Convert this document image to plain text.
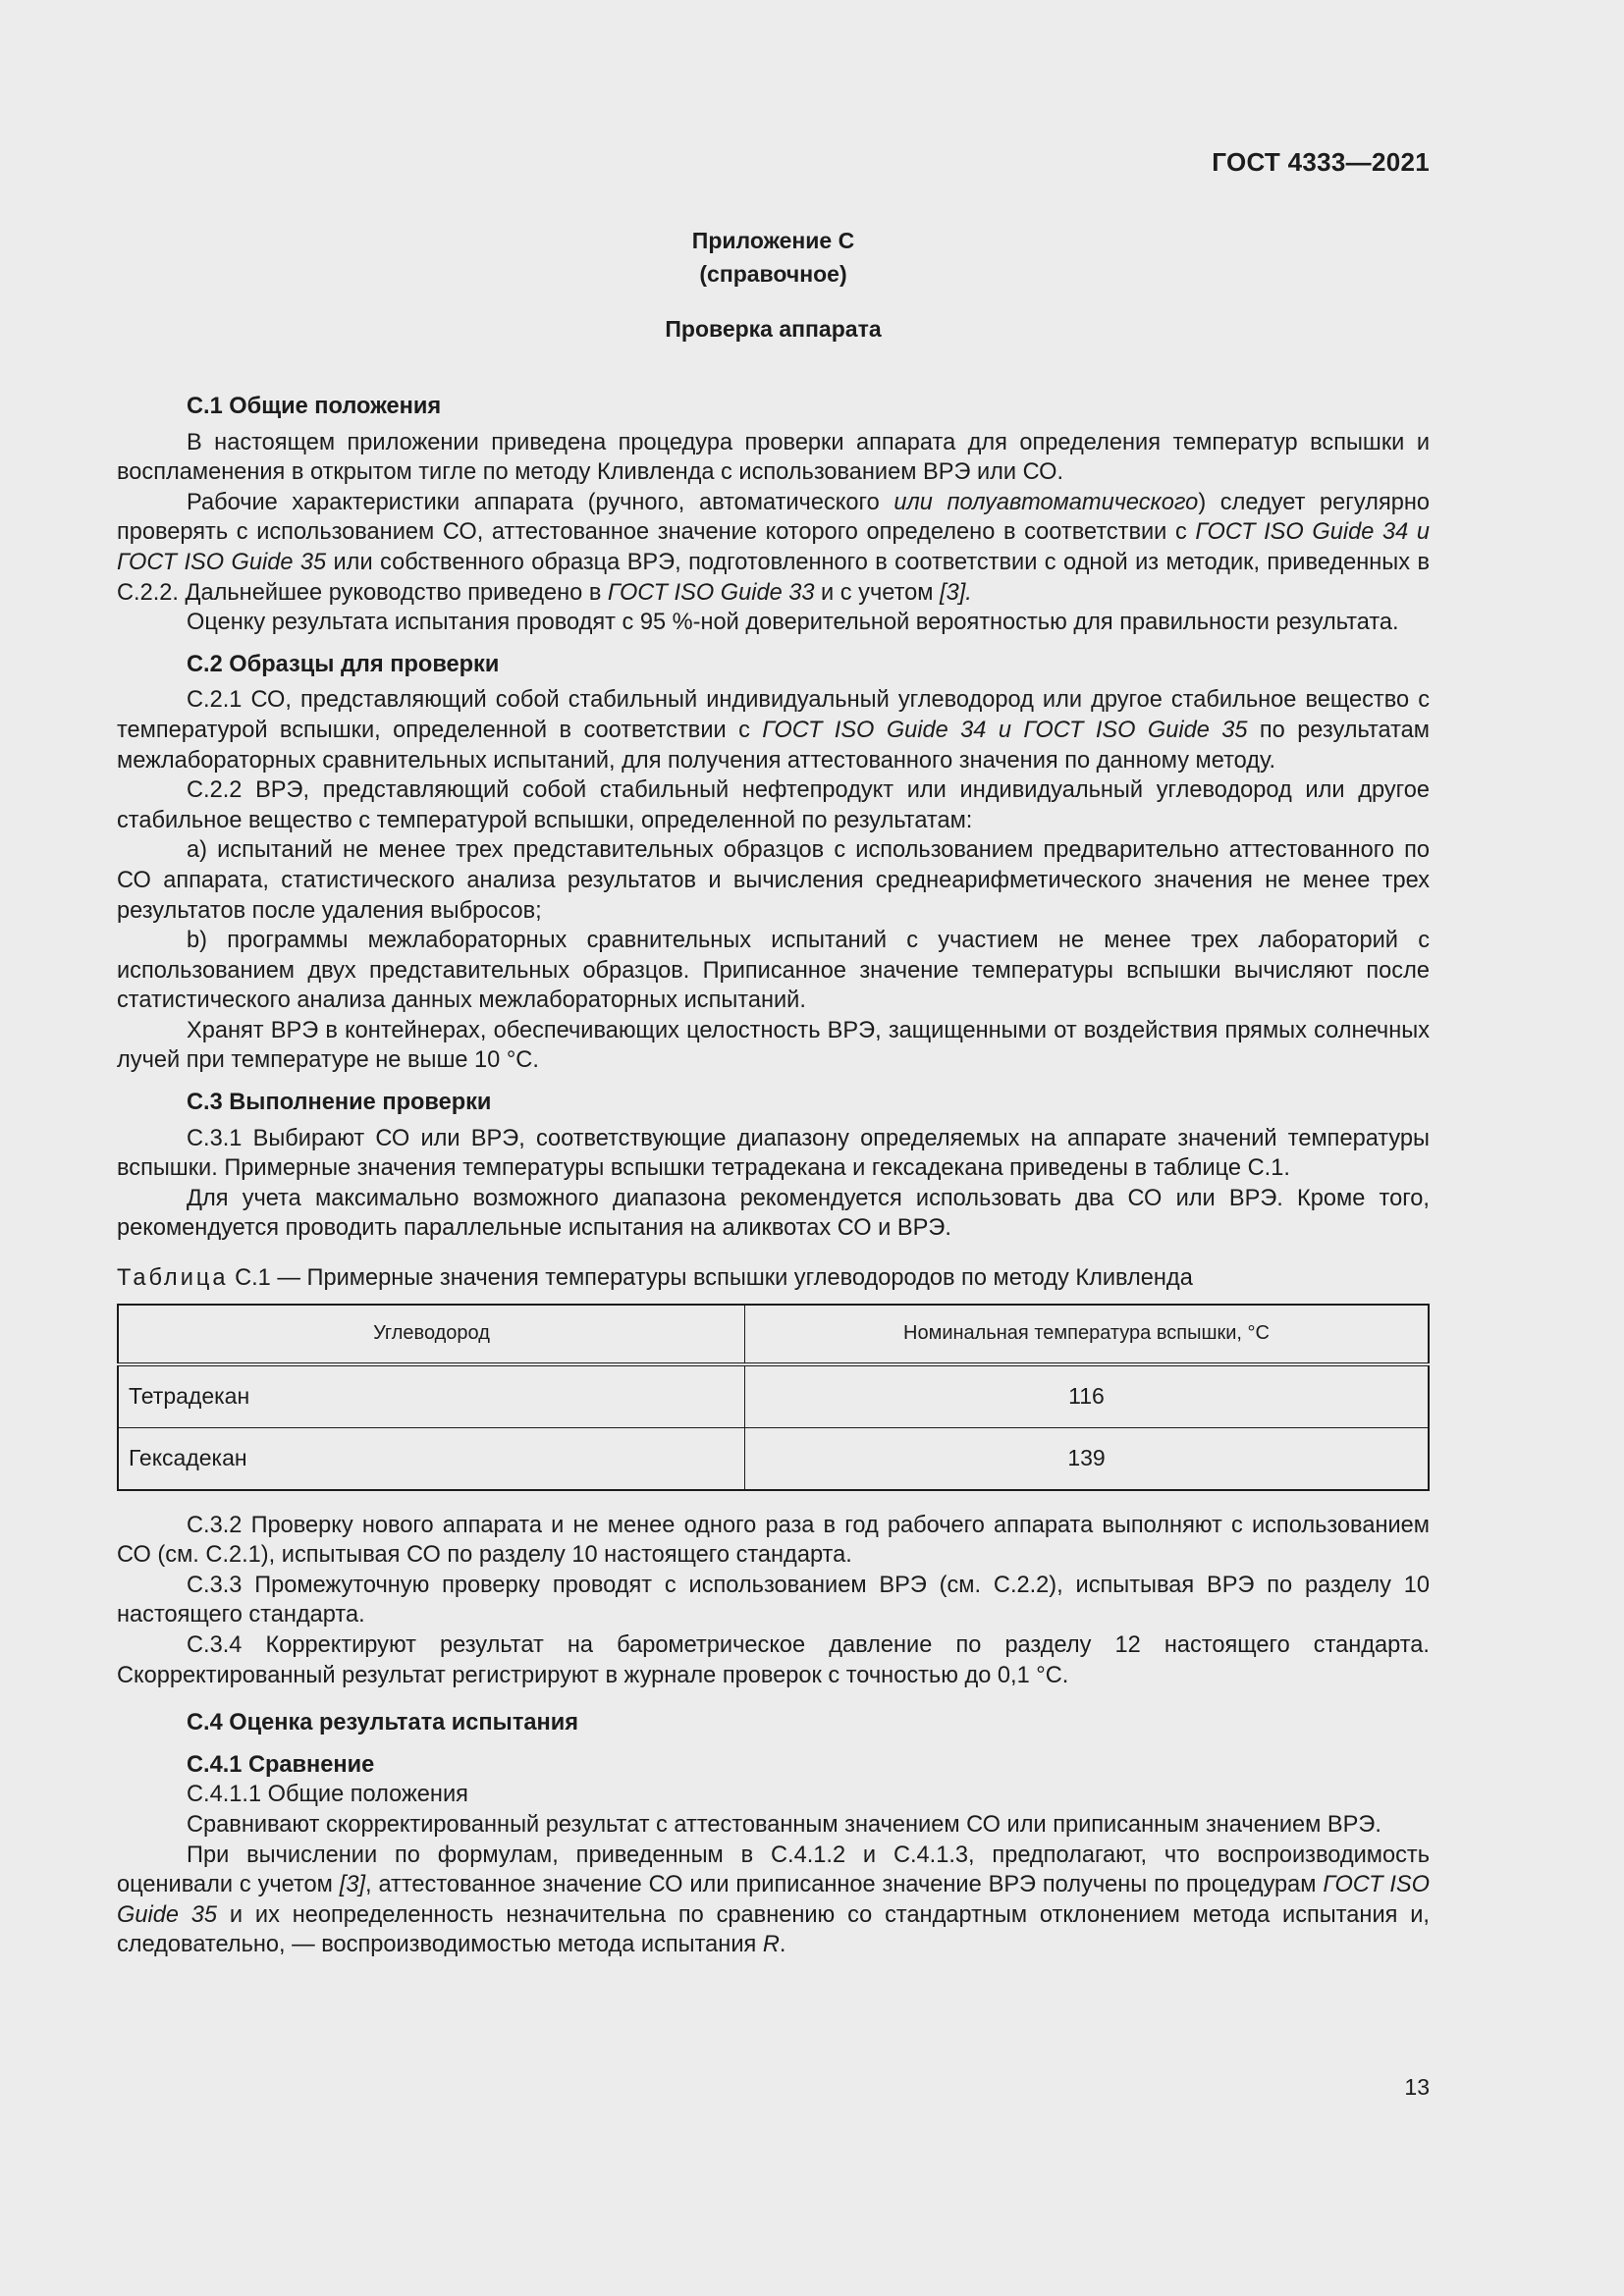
ГОСТ 4333—2021
Приложение С
(справочное)
Проверка аппарата

С.1 Общие положения

В настоящем приложении приведена процедура проверки аппарата для определения температур вспышки и воспламенения в открытом тигле по методу Кливленда с использованием ВРЭ или СО.

Рабочие характеристики аппарата (ручного, автоматического или полуавтоматического) следует регулярно проверять с использованием СО, аттестованное значение которого определено в соответствии с ГОСТ ISO Guide 34 и ГОСТ ISO Guide 35 или собственного образца ВРЭ, подготовленного в соответствии с одной из методик, приведенных в С.2.2. Дальнейшее руководство приведено в ГОСТ ISO Guide 33 и с учетом [3].

Оценку результата испытания проводят с 95 %-ной доверительной вероятностью для правильности результата.

С.2 Образцы для проверки

С.2.1 СО, представляющий собой стабильный индивидуальный углеводород или другое стабильное вещество с температурой вспышки, определенной в соответствии с ГОСТ ISO Guide 34 и ГОСТ ISO Guide 35 по результатам межлабораторных сравнительных испытаний, для получения аттестованного значения по данному методу.

С.2.2 ВРЭ, представляющий собой стабильный нефтепродукт или индивидуальный углеводород или другое стабильное вещество с температурой вспышки, определенной по результатам:

a) испытаний не менее трех представительных образцов с использованием предварительно аттестованного по СО аппарата, статистического анализа результатов и вычисления среднеарифметического значения не менее трех результатов после удаления выбросов;

b) программы межлабораторных сравнительных испытаний с участием не менее трех лабораторий с использованием двух представительных образцов. Приписанное значение температуры вспышки вычисляют после статистического анализа данных межлабораторных испытаний.

Хранят ВРЭ в контейнерах, обеспечивающих целостность ВРЭ, защищенными от воздействия прямых солнечных лучей при температуре не выше 10 °С.

С.3 Выполнение проверки

С.3.1 Выбирают СО или ВРЭ, соответствующие диапазону определяемых на аппарате значений температуры вспышки. Примерные значения температуры вспышки тетрадекана и гексадекана приведены в таблице С.1.

Для учета максимально возможного диапазона рекомендуется использовать два СО или ВРЭ. Кроме того, рекомендуется проводить параллельные испытания на аликвотах СО и ВРЭ.

Таблица С.1 — Примерные значения температуры вспышки углеводородов по методу Кливленда

Углеводород	Номинальная температура вспышки, °С
Тетрадекан	116
Гексадекан	139

С.3.2 Проверку нового аппарата и не менее одного раза в год рабочего аппарата выполняют с использованием СО (см. С.2.1), испытывая СО по разделу 10 настоящего стандарта.

С.3.3 Промежуточную проверку проводят с использованием ВРЭ (см. С.2.2), испытывая ВРЭ по разделу 10 настоящего стандарта.

С.3.4 Корректируют результат на барометрическое давление по разделу 12 настоящего стандарта. Скорректированный результат регистрируют в журнале проверок с точностью до 0,1 °С.

С.4 Оценка результата испытания

С.4.1 Сравнение

С.4.1.1 Общие положения

Сравнивают скорректированный результат с аттестованным значением СО или приписанным значением ВРЭ.

При вычислении по формулам, приведенным в С.4.1.2 и С.4.1.3, предполагают, что воспроизводимость оценивали с учетом [3], аттестованное значение СО или приписанное значение ВРЭ получены по процедурам ГОСТ ISO Guide 35 и их неопределенность незначительна по сравнению со стандартным отклонением метода испытания и, следовательно, — воспроизводимостью метода испытания R.

13
